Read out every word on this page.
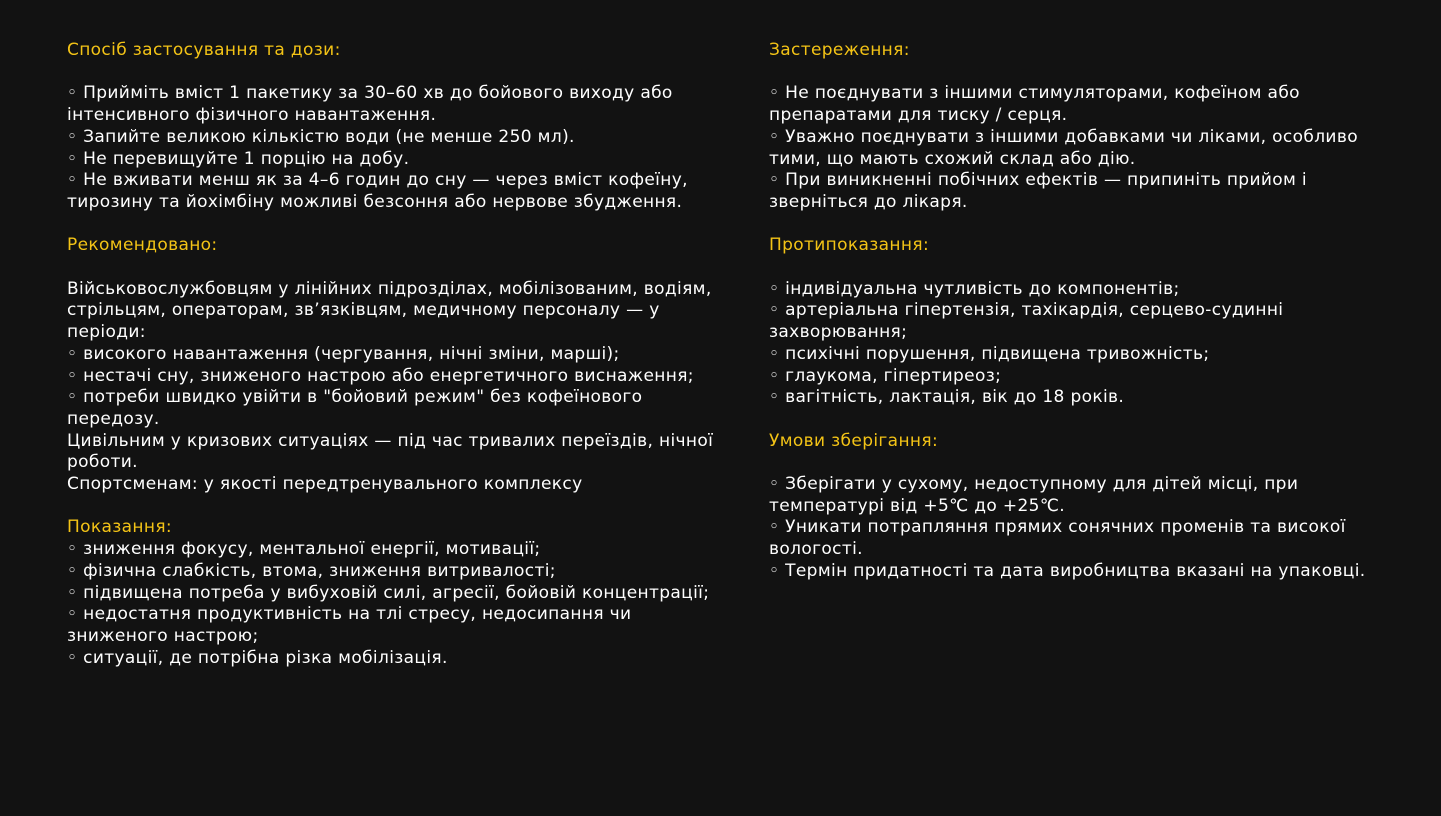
Спосіб застосування та дози:

◦ Прийміть вміст 1 пакетику за 30–60 хв до бойового виходу або інтенсивного фізичного навантаження.

◦ Запийте великою кількістю води (не менше 250 мл).

◦ Не перевищуйте 1 порцію на добу.

◦ Не вживати менш як за 4–6 годин до сну — через вміст кофеїну, тирозину та йохімбіну можливі безсоння або нервове збудження.

Рекомендовано:

Військовослужбовцям у лінійних підрозділах, мобілізованим, водіям, стрільцям, операторам, зв’язківцям, медичному персоналу — у періоди:

◦ високого навантаження (чергування, нічні зміни, марші);

◦ нестачі сну, зниженого настрою або енергетичного виснаження;

◦ потреби швидко увійти в "бойовий режим" без кофеїнового передозу.

Цивільним у кризових ситуаціях — під час тривалих переїздів, нічної роботи.

Спортсменам: у якості передтренувального комплексу

Показання:

◦ зниження фокусу, ментальної енергії, мотивації;

◦ фізична слабкість, втома, зниження витривалості;

◦ підвищена потреба у вибуховій силі, агресії, бойовій концентрації;

◦ недостатня продуктивність на тлі стресу, недосипання чи зниженого настрою;

◦ ситуації, де потрібна різка мобілізація.

Застереження:

◦ Не поєднувати з іншими стимуляторами, кофеїном або препаратами для тиску / серця.

◦ Уважно поєднувати з іншими добавками чи ліками, особливо тими, що мають схожий склад або дію.

◦ При виникненні побічних ефектів — припиніть прийом і зверніться до лікаря.

Протипоказання:

◦ індивідуальна чутливість до компонентів;

◦ артеріальна гіпертензія, тахікардія, серцево-судинні захворювання;

◦ психічні порушення, підвищена тривожність;

◦ глаукома, гіпертиреоз;

◦ вагітність, лактація, вік до 18 років.

Умови зберігання:

◦ Зберігати у сухому, недоступному для дітей місці, при температурі від +5℃ до +25℃.

◦ Уникати потрапляння прямих сонячних променів та високої вологості.

◦ Термін придатності та дата виробництва вказані на упаковці.
